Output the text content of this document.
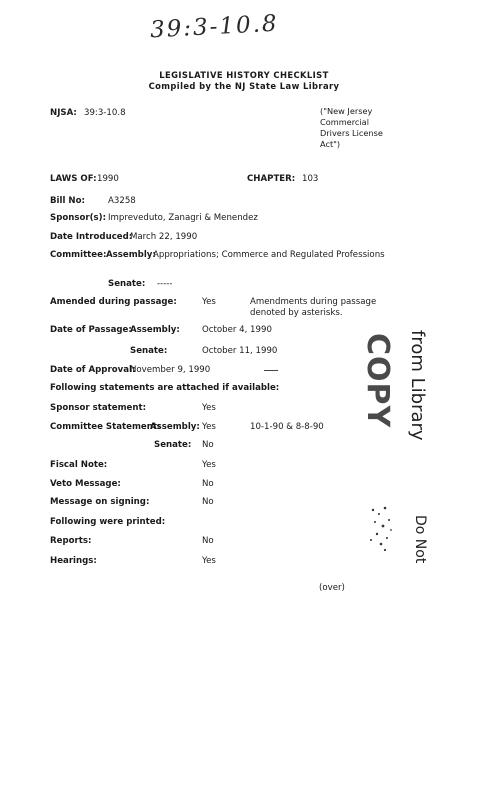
39:3-10.8
LEGISLATIVE HISTORY CHECKLIST
Compiled by the NJ State Law Library
NJSA: 39:3-10.8	("New Jersey
Commercial
Drivers License
Act")
LAWS OF: 1990	CHAPTER: 103
Bill No:	A3258
Sponsor(s): Impreveduto, Zanagri & Menendez
Date Introduced:
March 22, 1990
Committee: Assembly:
Appropriations; Commerce and Regulated Professions
Senate: -----
Amended during passage:	Yes	Amendments during passage
denoted by asterisks.
Date of Passage:
Assembly:	October 4, 1990
Senate:	October 11, 1990
Date of Approval:
November 9, 1990
Following statements are attached if available:
Sponsor statement:	Yes
Committee Statement:
Assembly: Yes	10-1-90 & 8-8-90
Senate: No
Fiscal Note:	Yes
Veto Message:	No
Message on signing:	No
Following were printed:
Reports:	No
Hearings:	Yes
(over)
COPY from Library
Do Not
